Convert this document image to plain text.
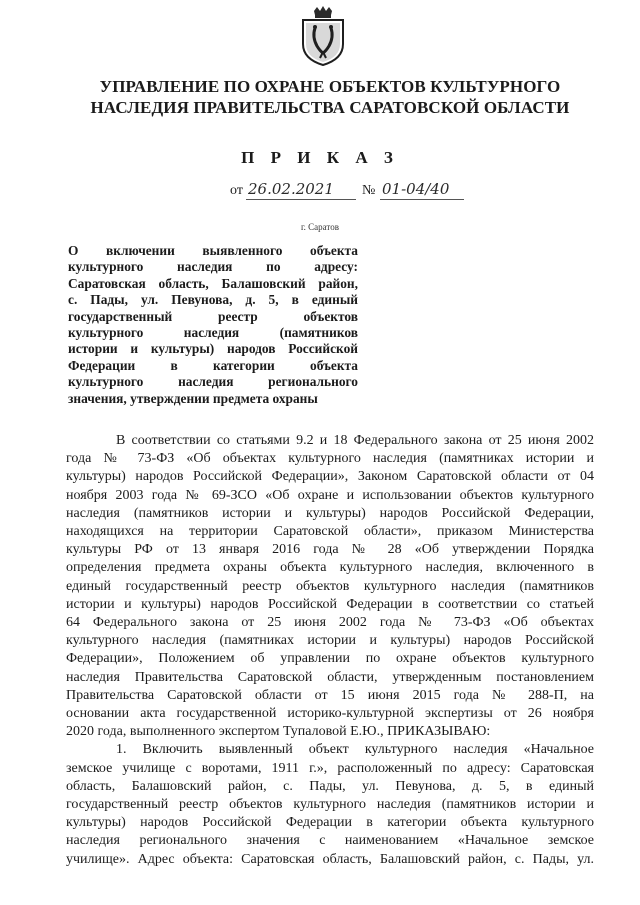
УПРАВЛЕНИЕ ПО ОХРАНЕ ОБЪЕКТОВ КУЛЬТУРНОГО
НАСЛЕДИЯ ПРАВИТЕЛЬСТВА САРАТОВСКОЙ ОБЛАСТИ
П Р И К А З
от 26.02.2021 № 01-04/40
г. Саратов
О включении выявленного объекта
культурного наследия по адресу:
Саратовская область, Балашовский район,
с. Пады, ул. Певунова, д. 5, в единый
государственный реестр объектов
культурного наследия (памятников
истории и культуры) народов Российской
Федерации в категории объекта
культурного наследия регионального
значения, утверждении предмета охраны
В соответствии со статьями 9.2 и 18 Федерального закона от 25 июня 2002
года № 73-ФЗ «Об объектах культурного наследия (памятниках истории и
культуры) народов Российской Федерации», Законом Саратовской области от 04
ноября 2003 года № 69-ЗСО «Об охране и использовании объектов культурного
наследия (памятников истории и культуры) народов Российской Федерации,
находящихся на территории Саратовской области», приказом Министерства
культуры РФ от 13 января 2016 года № 28 «Об утверждении Порядка
определения предмета охраны объекта культурного наследия, включенного в
единый государственный реестр объектов культурного наследия (памятников
истории и культуры) народов Российской Федерации в соответствии со статьей
64 Федерального закона от 25 июня 2002 года № 73-ФЗ «Об объектах
культурного наследия (памятниках истории и культуры) народов Российской
Федерации», Положением об управлении по охране объектов культурного
наследия Правительства Саратовской области, утвержденным постановлением
Правительства Саратовской области от 15 июня 2015 года № 288-П, на
основании акта государственной историко-культурной экспертизы от 26 ноября
2020 года, выполненного экспертом Тупаловой Е.Ю., ПРИКАЗЫВАЮ:
1. Включить выявленный объект культурного наследия «Начальное
земское училище с воротами, 1911 г.», расположенный по адресу: Саратовская
область, Балашовский район, с. Пады, ул. Певунова, д. 5, в единый
государственный реестр объектов культурного наследия (памятников истории и
культуры) народов Российской Федерации в категории объекта культурного
наследия регионального значения с наименованием «Начальное земское
училище». Адрес объекта: Саратовская область, Балашовский район, с. Пады, ул.
